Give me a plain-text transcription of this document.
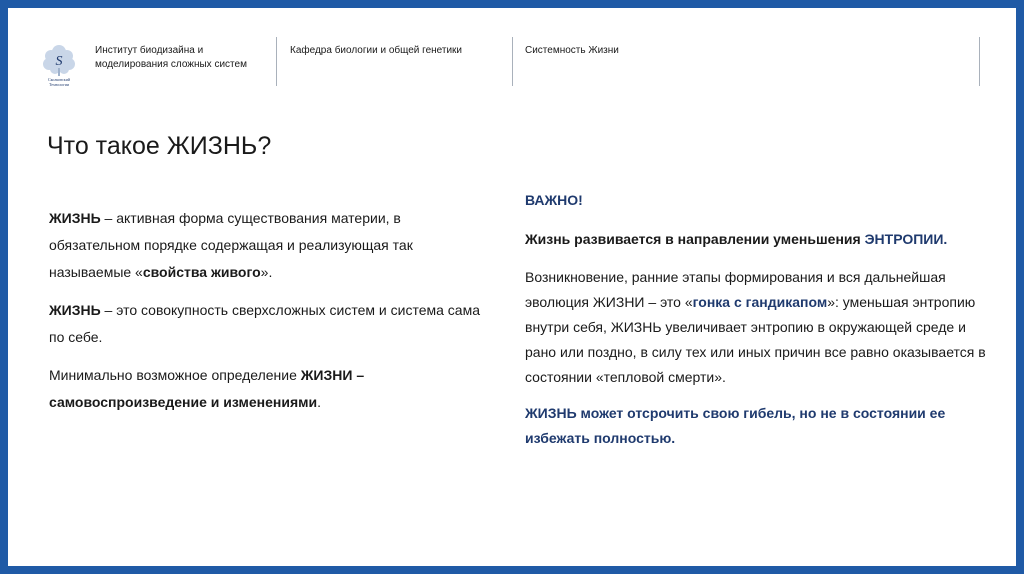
S
Сколковский
Технологии
Институт биодизайна и
моделирования сложных систем
Кафедра биологии и общей генетики	Системность Жизни
Что такое ЖИЗНЬ?

ЖИЗНЬ – активная форма существования материи, в обязательном порядке содержащая и реализующая так называемые «свойства живого».

ЖИЗНЬ – это совокупность сверхсложных систем и система сама по себе.

Минимально возможное определение ЖИЗНИ – самовоспроизведение и изменениями.

ВАЖНО!

Жизнь развивается в направлении уменьшения ЭНТРОПИИ.

Возникновение, ранние этапы формирования и вся дальнейшая эволюция ЖИЗНИ – это «гонка с гандикапом»: уменьшая энтропию внутри себя, ЖИЗНЬ увеличивает энтропию в окружающей среде и рано или поздно, в силу тех или иных причин все равно оказывается в состоянии «тепловой смерти».

ЖИЗНЬ может отсрочить свою гибель, но не в состоянии ее избежать полностью.
